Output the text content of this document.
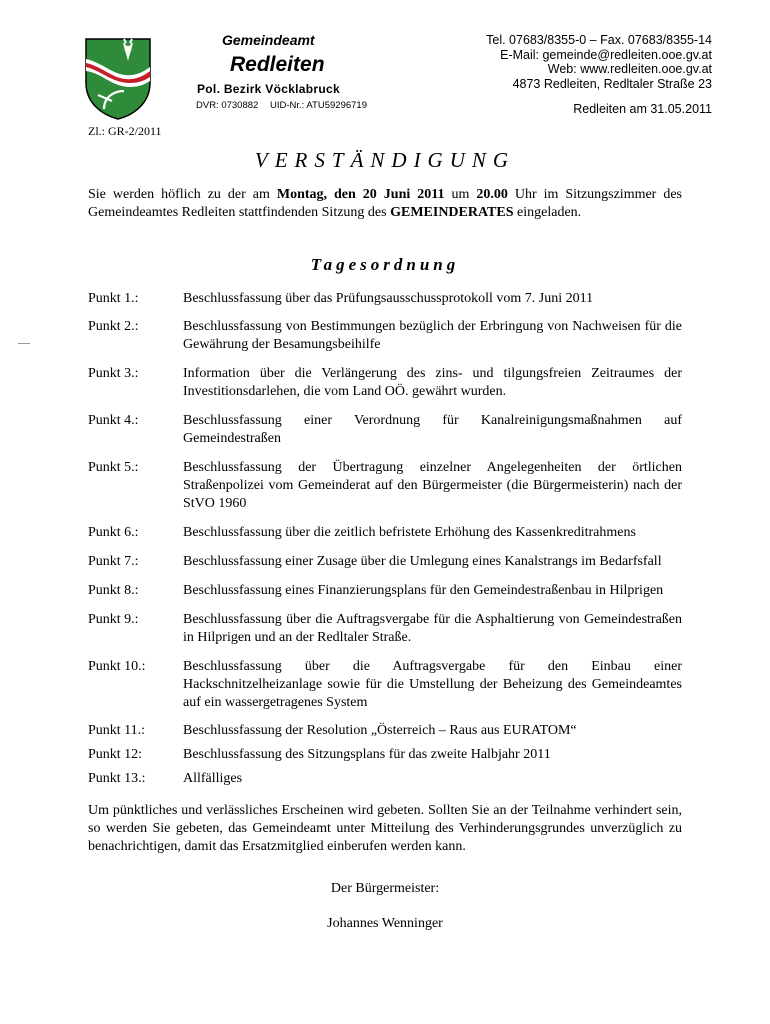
Gemeindeamt
Redleiten
Pol. Bezirk Vöcklabruck
DVR: 0730882 UID-Nr.: ATU59296719
Tel. 07683/8355-0 – Fax. 07683/8355-14
E-Mail: gemeinde@redleiten.ooe.gv.at
Web: www.redleiten.ooe.gv.at
4873 Redleiten, Redltaler Straße 23
Redleiten am 31.05.2011
Zl.: GR-2/2011
VERSTÄNDIGUNG
Sie werden höflich zu der am Montag, den 20 Juni 2011 um 20.00 Uhr im Sitzungszimmer des Gemeindeamtes Redleiten stattfindenden Sitzung des GEMEINDERATES eingeladen.
Tagesordnung
Punkt 1.:	Beschlussfassung über das Prüfungsausschussprotokoll vom 7. Juni 2011
Punkt 2.:	Beschlussfassung von Bestimmungen bezüglich der Erbringung von Nachweisen für die Gewährung der Besamungsbeihilfe
Punkt 3.:	Information über die Verlängerung des zins- und tilgungsfreien Zeitraumes der Investitionsdarlehen, die vom Land OÖ. gewährt wurden.
Punkt 4.:	Beschlussfassung einer Verordnung für Kanalreinigungsmaßnahmen auf Gemeindestraßen
Punkt 5.:	Beschlussfassung der Übertragung einzelner Angelegenheiten der örtlichen Straßenpolizei vom Gemeinderat auf den Bürgermeister (die Bürgermeisterin) nach der StVO 1960
Punkt 6.:	Beschlussfassung über die zeitlich befristete Erhöhung des Kassenkreditrahmens
Punkt 7.:	Beschlussfassung einer Zusage über die Umlegung eines Kanalstrangs im Bedarfsfall
Punkt 8.:	Beschlussfassung eines Finanzierungsplans für den Gemeindestraßenbau in Hilprigen
Punkt 9.:	Beschlussfassung über die Auftragsvergabe für die Asphaltierung von Gemeindestraßen in Hilprigen und an der Redltaler Straße.
Punkt 10.:	Beschlussfassung über die Auftragsvergabe für den Einbau einer Hackschnitzelheizanlage sowie für die Umstellung der Beheizung des Gemeindeamtes auf ein wassergetragenes System
Punkt 11.:	Beschlussfassung der Resolution „Österreich – Raus aus EURATOM“
Punkt 12:	Beschlussfassung des Sitzungsplans für das zweite Halbjahr 2011
Punkt 13.:	Allfälliges
Um pünktliches und verlässliches Erscheinen wird gebeten. Sollten Sie an der Teilnahme verhindert sein, so werden Sie gebeten, das Gemeindeamt unter Mitteilung des Verhinderungsgrundes unverzüglich zu benachrichtigen, damit das Ersatzmitglied einberufen werden kann.
Der Bürgermeister:
Johannes Wenninger
